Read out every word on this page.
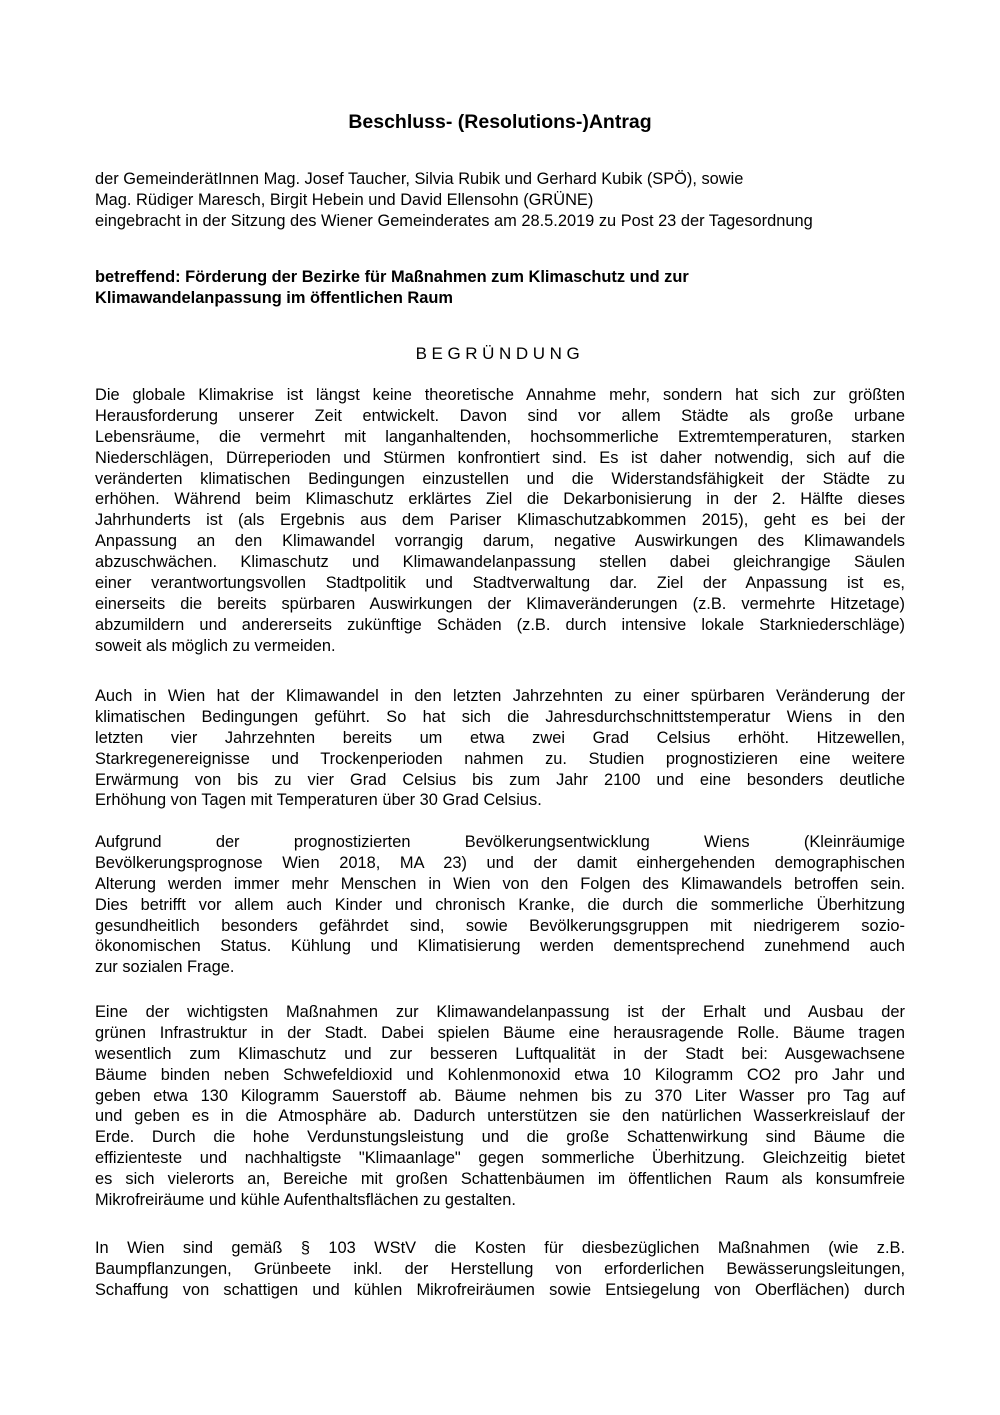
Beschluss- (Resolutions-)Antrag
der GemeinderätInnen Mag. Josef Taucher, Silvia Rubik und Gerhard Kubik (SPÖ), sowie
Mag. Rüdiger Maresch, Birgit Hebein und David Ellensohn (GRÜNE)
eingebracht in der Sitzung des Wiener Gemeinderates am 28.5.2019 zu Post 23 der Tagesordnung
betreffend: Förderung der Bezirke für Maßnahmen zum Klimaschutz und zur
Klimawandelanpassung im öffentlichen Raum
BEGRÜNDUNG
Die globale Klimakrise ist längst keine theoretische Annahme mehr, sondern hat sich zur größten
Herausforderung unserer Zeit entwickelt. Davon sind vor allem Städte als große urbane
Lebensräume, die vermehrt mit langanhaltenden, hochsommerliche Extremtemperaturen, starken
Niederschlägen, Dürreperioden und Stürmen konfrontiert sind. Es ist daher notwendig, sich auf die
veränderten klimatischen Bedingungen einzustellen und die Widerstandsfähigkeit der Städte zu
erhöhen. Während beim Klimaschutz erklärtes Ziel die Dekarbonisierung in der 2. Hälfte dieses
Jahrhunderts ist (als Ergebnis aus dem Pariser Klimaschutzabkommen 2015), geht es bei der
Anpassung an den Klimawandel vorrangig darum, negative Auswirkungen des Klimawandels
abzuschwächen. Klimaschutz und Klimawandelanpassung stellen dabei gleichrangige Säulen
einer verantwortungsvollen Stadtpolitik und Stadtverwaltung dar. Ziel der Anpassung ist es,
einerseits die bereits spürbaren Auswirkungen der Klimaveränderungen (z.B. vermehrte Hitzetage)
abzumildern und andererseits zukünftige Schäden (z.B. durch intensive lokale Starkniederschläge)
soweit als möglich zu vermeiden.
Auch in Wien hat der Klimawandel in den letzten Jahrzehnten zu einer spürbaren Veränderung der
klimatischen Bedingungen geführt. So hat sich die Jahresdurchschnittstemperatur Wiens in den
letzten vier Jahrzehnten bereits um etwa zwei Grad Celsius erhöht. Hitzewellen,
Starkregenereignisse und Trockenperioden nahmen zu. Studien prognostizieren eine weitere
Erwärmung von bis zu vier Grad Celsius bis zum Jahr 2100 und eine besonders deutliche
Erhöhung von Tagen mit Temperaturen über 30 Grad Celsius.
Aufgrund der prognostizierten Bevölkerungsentwicklung Wiens (Kleinräumige
Bevölkerungsprognose Wien 2018, MA 23) und der damit einhergehenden demographischen
Alterung werden immer mehr Menschen in Wien von den Folgen des Klimawandels betroffen sein.
Dies betrifft vor allem auch Kinder und chronisch Kranke, die durch die sommerliche Überhitzung
gesundheitlich besonders gefährdet sind, sowie Bevölkerungsgruppen mit niedrigerem sozio-
ökonomischen Status. Kühlung und Klimatisierung werden dementsprechend zunehmend auch
zur sozialen Frage.
Eine der wichtigsten Maßnahmen zur Klimawandelanpassung ist der Erhalt und Ausbau der
grünen Infrastruktur in der Stadt. Dabei spielen Bäume eine herausragende Rolle. Bäume tragen
wesentlich zum Klimaschutz und zur besseren Luftqualität in der Stadt bei: Ausgewachsene
Bäume binden neben Schwefeldioxid und Kohlenmonoxid etwa 10 Kilogramm CO2 pro Jahr und
geben etwa 130 Kilogramm Sauerstoff ab. Bäume nehmen bis zu 370 Liter Wasser pro Tag auf
und geben es in die Atmosphäre ab. Dadurch unterstützen sie den natürlichen Wasserkreislauf der
Erde. Durch die hohe Verdunstungsleistung und die große Schattenwirkung sind Bäume die
effizienteste und nachhaltigste "Klimaanlage" gegen sommerliche Überhitzung. Gleichzeitig bietet
es sich vielerorts an, Bereiche mit großen Schattenbäumen im öffentlichen Raum als konsumfreie
Mikrofreiräume und kühle Aufenthaltsflächen zu gestalten.
In Wien sind gemäß § 103 WStV die Kosten für diesbezüglichen Maßnahmen (wie z.B.
Baumpflanzungen, Grünbeete inkl. der Herstellung von erforderlichen Bewässerungsleitungen,
Schaffung von schattigen und kühlen Mikrofreiräumen sowie Entsiegelung von Oberflächen) durch
